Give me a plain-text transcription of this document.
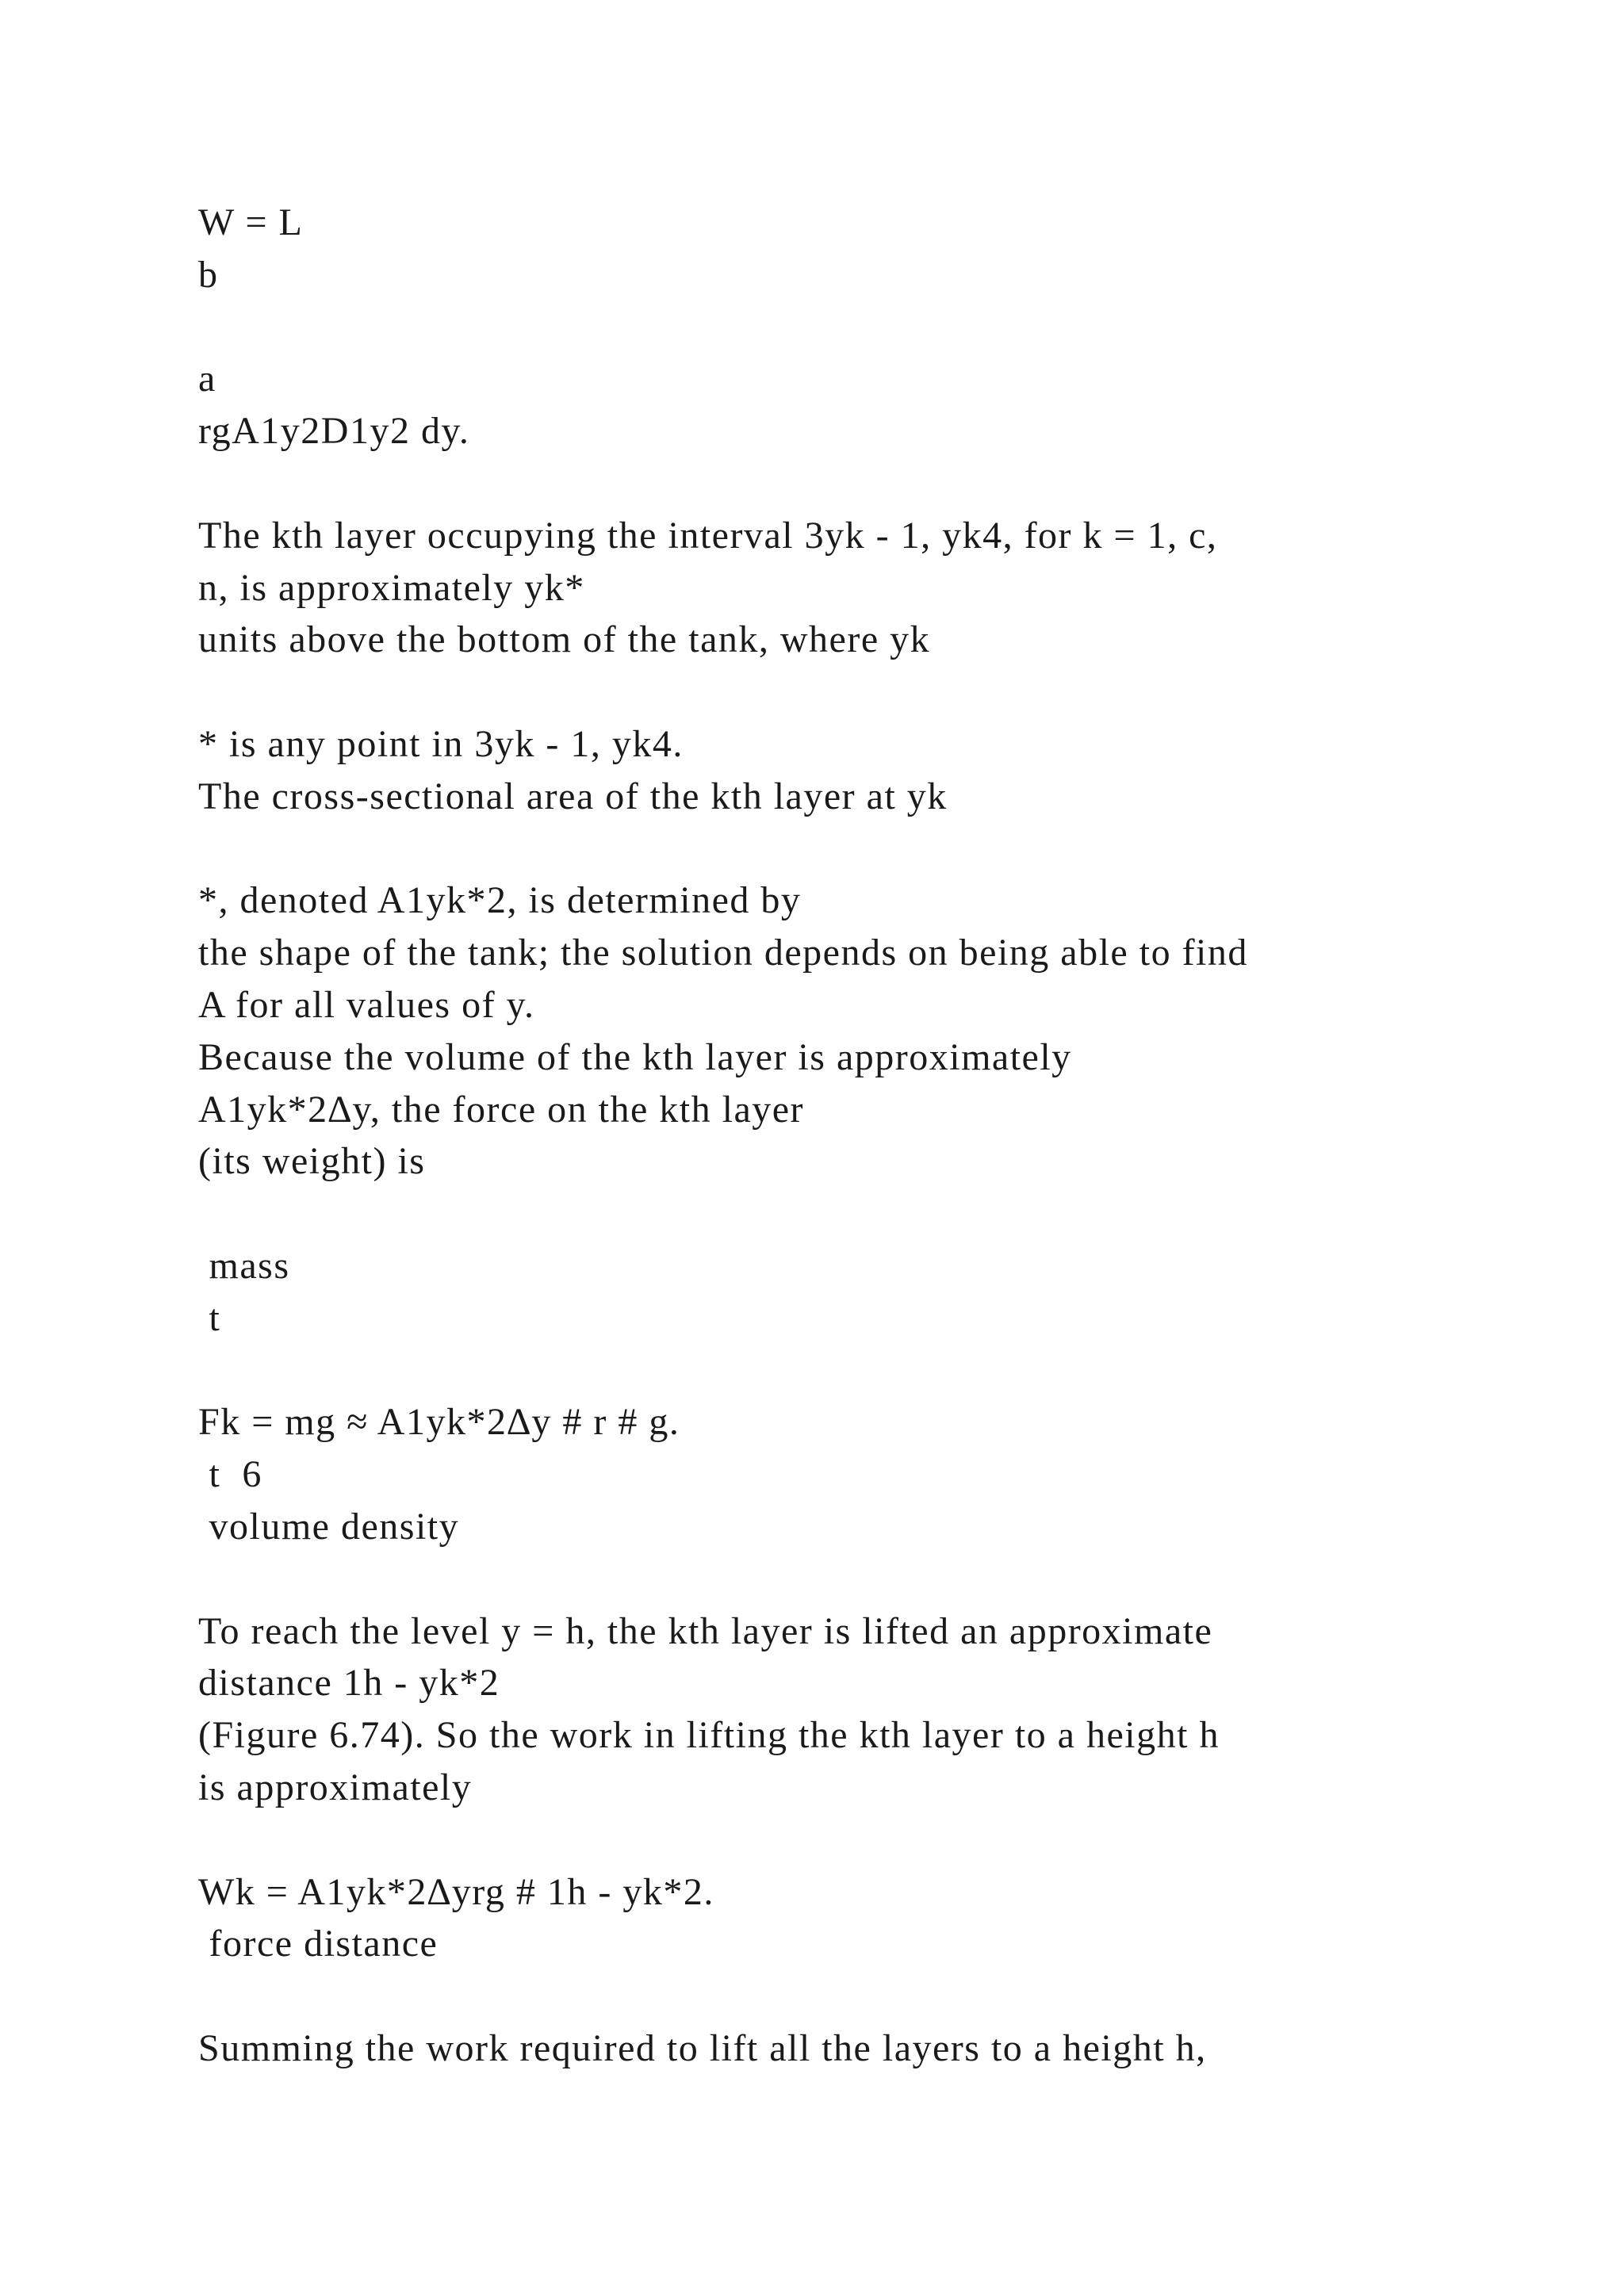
W = L
b
a
rgA1y2D1y2 dy.
The kth layer occupying the interval 3yk - 1, yk4, for k = 1, c,
n, is approximately yk*
units above the bottom of the tank, where yk
* is any point in 3yk - 1, yk4.
The cross-sectional area of the kth layer at yk
*, denoted A1yk*2, is determined by
the shape of the tank; the solution depends on being able to find
A for all values of y.
Because the volume of the kth layer is approximately
A1yk*2∆y, the force on the kth layer
(its weight) is
mass
t
Fk = mg ≈ A1yk*2∆y # r # g.
t  6
volume density
To reach the level y = h, the kth layer is lifted an approximate
distance 1h - yk*2
(Figure 6.74). So the work in lifting the kth layer to a height h
is approximately
Wk = A1yk*2∆yrg # 1h - yk*2.
force distance
Summing the work required to lift all the layers to a height h,
